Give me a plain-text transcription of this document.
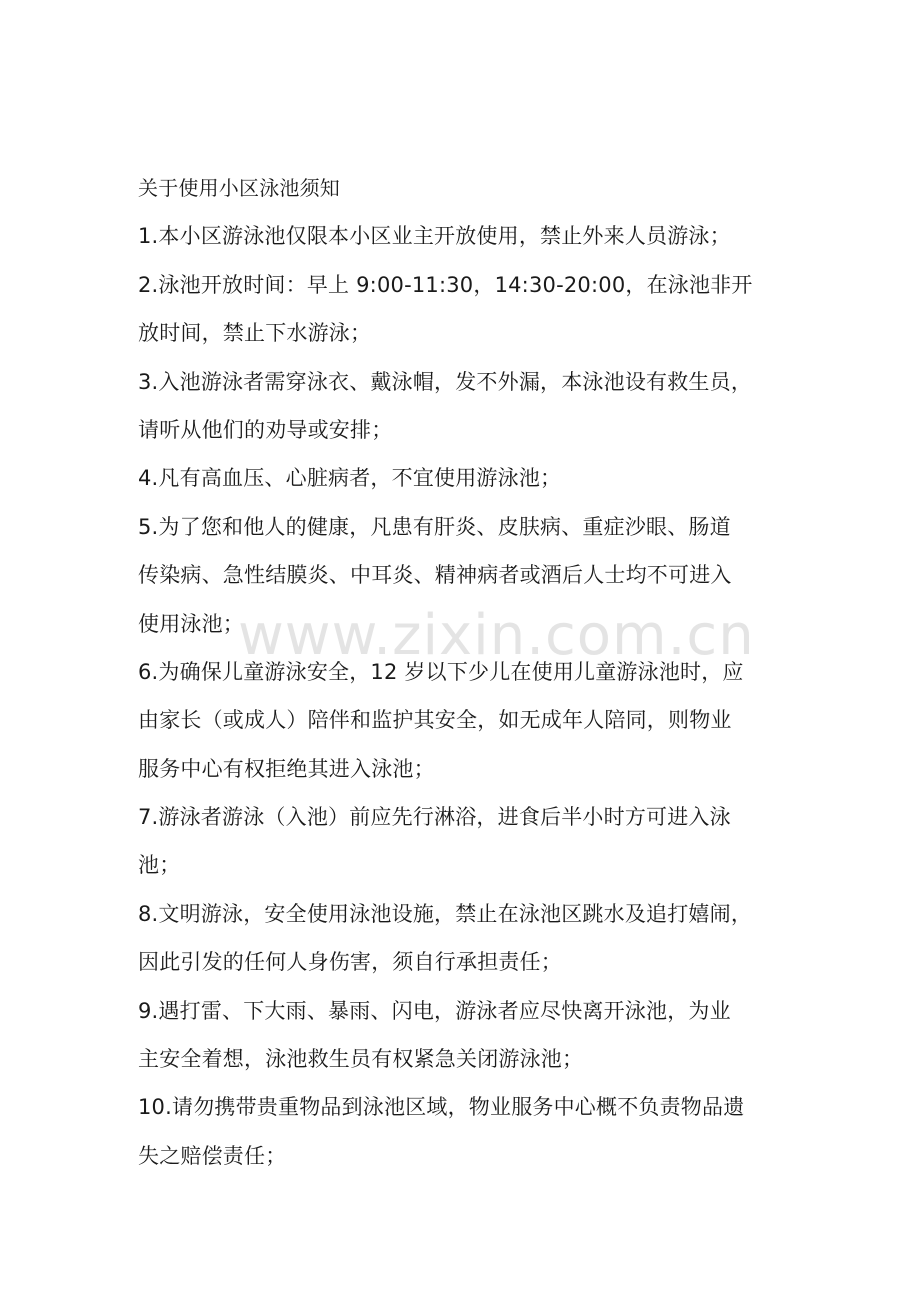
关于使用小区泳池须知
1.本小区游泳池仅限本小区业主开放使用，禁止外来人员游泳；
2.泳池开放时间：早上 9:00-11:30，14:30-20:00，在泳池非开
放时间，禁止下水游泳；
3.入池游泳者需穿泳衣、戴泳帽，发不外漏，本泳池设有救生员，
请听从他们的劝导或安排；
4.凡有高血压、心脏病者，不宜使用游泳池；
5.为了您和他人的健康，凡患有肝炎、皮肤病、重症沙眼、肠道
传染病、急性结膜炎、中耳炎、精神病者或酒后人士均不可进入
使用泳池；
6.为确保儿童游泳安全，12 岁以下少儿在使用儿童游泳池时，应
由家长（或成人）陪伴和监护其安全，如无成年人陪同，则物业
服务中心有权拒绝其进入泳池；
7.游泳者游泳（入池）前应先行淋浴，进食后半小时方可进入泳
池；
8.文明游泳，安全使用泳池设施，禁止在泳池区跳水及追打嬉闹，
因此引发的任何人身伤害，须自行承担责任；
9.遇打雷、下大雨、暴雨、闪电，游泳者应尽快离开泳池，为业
主安全着想，泳池救生员有权紧急关闭游泳池；
10.请勿携带贵重物品到泳池区域，物业服务中心概不负责物品遗
失之赔偿责任；
www.zixin.com.cn
